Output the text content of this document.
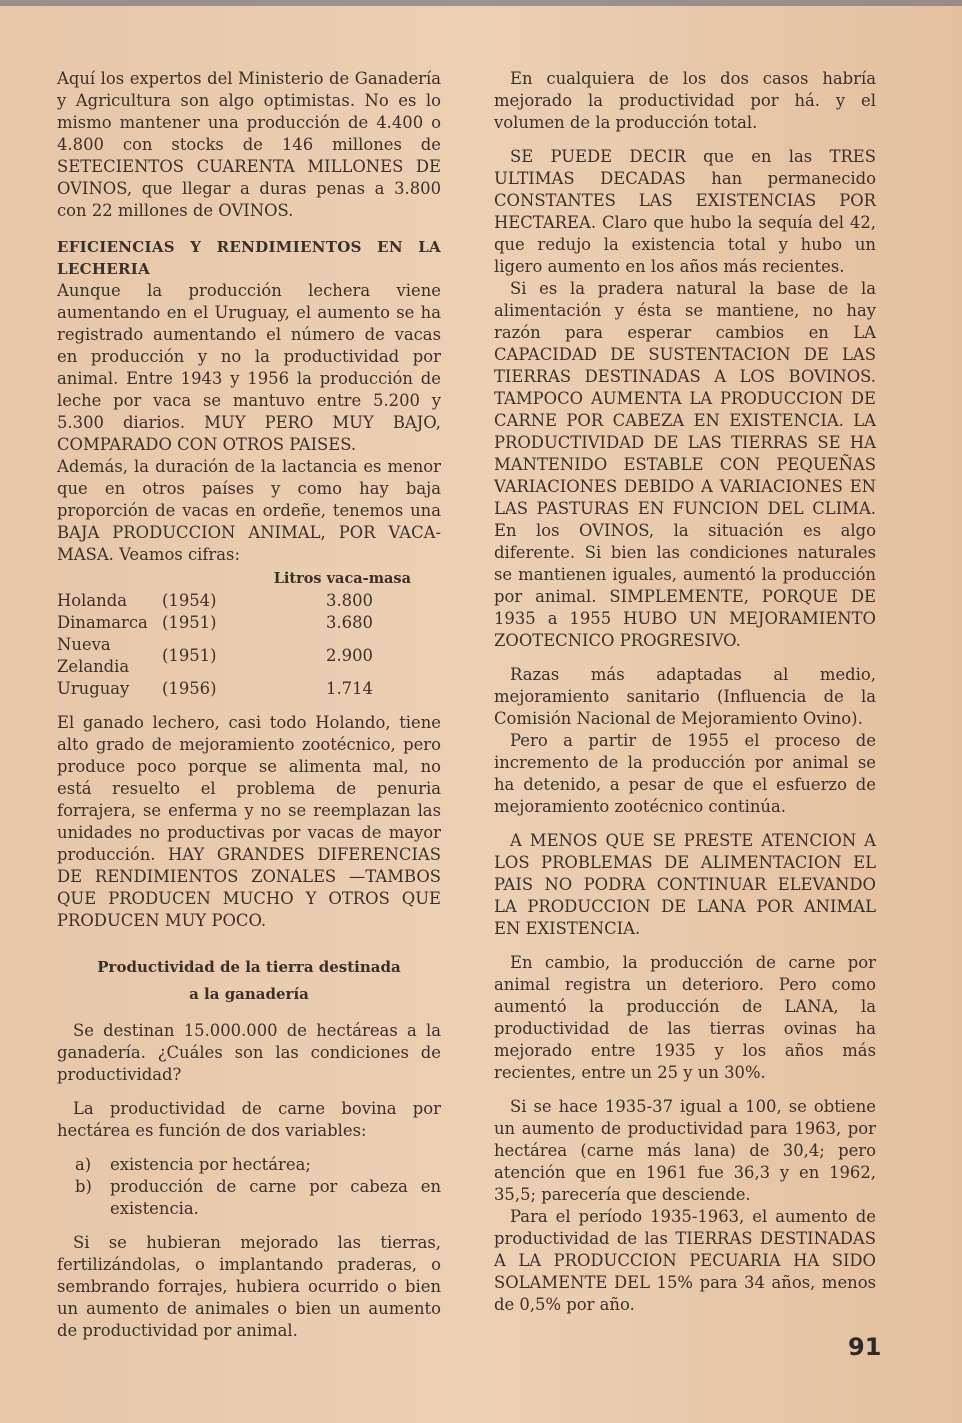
Aquí los expertos del Ministerio de Ganadería y Agricultura son algo optimistas. No es lo mismo mantener una producción de 4.400 o 4.800 con stocks de 146 millones de SETECIENTOS CUARENTA MILLONES DE OVINOS, que llegar a duras penas a 3.800 con 22 millones de OVINOS.

EFICIENCIAS Y RENDIMIENTOS EN LA LECHERIA

Aunque la producción lechera viene aumentando en el Uruguay, el aumento se ha registrado aumentando el número de vacas en producción y no la productividad por animal. Entre 1943 y 1956 la producción de leche por vaca se mantuvo entre 5.200 y 5.300 diarios. MUY PERO MUY BAJO, COMPARADO CON OTROS PAISES.

Además, la duración de la lactancia es menor que en otros países y como hay baja proporción de vacas en ordeñe, tenemos una BAJA PRODUCCION ANIMAL, POR VACA-MASA. Veamos cifras:

Litros vaca-masa		
Holanda	(1954)	3.800
Dinamarca	(1951)	3.680
Nueva Zelandia	(1951)	2.900
Uruguay	(1956)	1.714

El ganado lechero, casi todo Holando, tiene alto grado de mejoramiento zootécnico, pero produce poco porque se alimenta mal, no está resuelto el problema de penuria forrajera, se enferma y no se reemplazan las unidades no productivas por vacas de mayor producción. HAY GRANDES DIFERENCIAS DE RENDIMIENTOS ZONALES —TAMBOS QUE PRODUCEN MUCHO Y OTROS QUE PRODUCEN MUY POCO.

Productividad de la tierra destinada

a la ganadería

Se destinan 15.000.000 de hectáreas a la ganadería. ¿Cuáles son las condiciones de productividad?

La productividad de carne bovina por hectárea es función de dos variables:

a)	existencia por hectárea;
b)	producción de carne por cabeza en existencia.

Si se hubieran mejorado las tierras, fertilizándolas, o implantando praderas, o sembrando forrajes, hubiera ocurrido o bien un aumento de animales o bien un aumento de productividad por animal.

En cualquiera de los dos casos habría mejorado la productividad por há. y el volumen de la producción total.

SE PUEDE DECIR que en las TRES ULTIMAS DECADAS han permanecido CONSTANTES LAS EXISTENCIAS POR HECTAREA. Claro que hubo la sequía del 42, que redujo la existencia total y hubo un ligero aumento en los años más recientes.

Si es la pradera natural la base de la alimentación y ésta se mantiene, no hay razón para esperar cambios en LA CAPACIDAD DE SUSTENTACION DE LAS TIERRAS DESTINADAS A LOS BOVINOS. TAMPOCO AUMENTA LA PRODUCCION DE CARNE POR CABEZA EN EXISTENCIA. LA PRODUCTIVIDAD DE LAS TIERRAS SE HA MANTENIDO ESTABLE CON PEQUEÑAS VARIACIONES DEBIDO A VARIACIONES EN LAS PASTURAS EN FUNCION DEL CLIMA. En los OVINOS, la situación es algo diferente. Si bien las condiciones naturales se mantienen iguales, aumentó la producción por animal. SIMPLEMENTE, PORQUE DE 1935 a 1955 HUBO UN MEJORAMIENTO ZOOTECNICO PROGRESIVO.

Razas más adaptadas al medio, mejoramiento sanitario (Influencia de la Comisión Nacional de Mejoramiento Ovino).

Pero a partir de 1955 el proceso de incremento de la producción por animal se ha detenido, a pesar de que el esfuerzo de mejoramiento zootécnico continúa.

A MENOS QUE SE PRESTE ATENCION A LOS PROBLEMAS DE ALIMENTACION EL PAIS NO PODRA CONTINUAR ELEVANDO LA PRODUCCION DE LANA POR ANIMAL EN EXISTENCIA.

En cambio, la producción de carne por animal registra un deterioro. Pero como aumentó la producción de LANA, la productividad de las tierras ovinas ha mejorado entre 1935 y los años más recientes, entre un 25 y un 30%.

Si se hace 1935-37 igual a 100, se obtiene un aumento de productividad para 1963, por hectárea (carne más lana) de 30,4; pero atención que en 1961 fue 36,3 y en 1962, 35,5; parecería que desciende.

Para el período 1935-1963, el aumento de productividad de las TIERRAS DESTINADAS A LA PRODUCCION PECUARIA HA SIDO SOLAMENTE DEL 15% para 34 años, menos de 0,5% por año.

91
